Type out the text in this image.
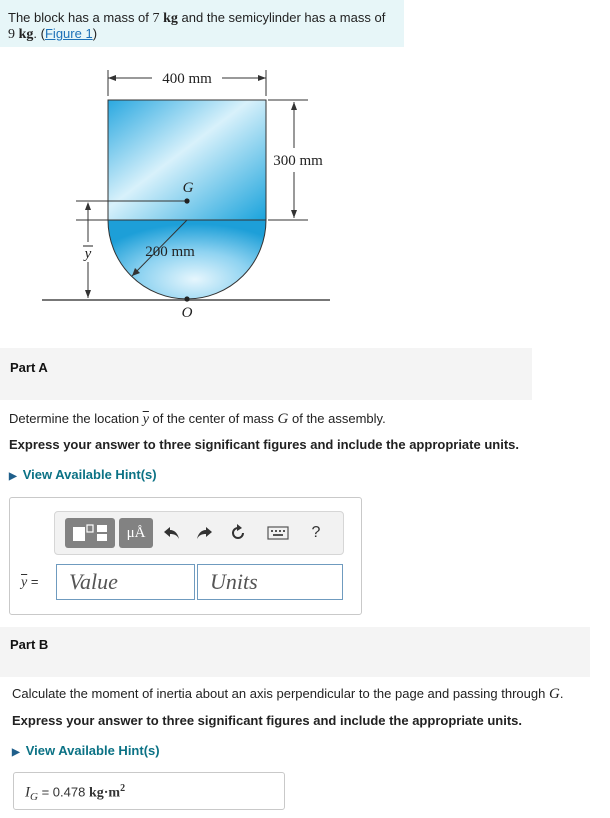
The block has a mass of 7 kg and the semicylinder has a mass of
9 kg. (Figure 1)
400 mm
300 mm
y
G
200 mm
O
Part A
Determine the location $\overline{y}$ of the center of mass G of the assembly.
Express your answer to three significant figures and include the appropriate units.
▶ View Available Hint(s)
μÅ	?
$\overline{y}$ =
Value
Units
Part B
Calculate the moment of inertia about an axis perpendicular to the page and passing through G.
Express your answer to three significant figures and include the appropriate units.
▶ View Available Hint(s)
$I_G = 0.478$ $kg\cdot m^2$
